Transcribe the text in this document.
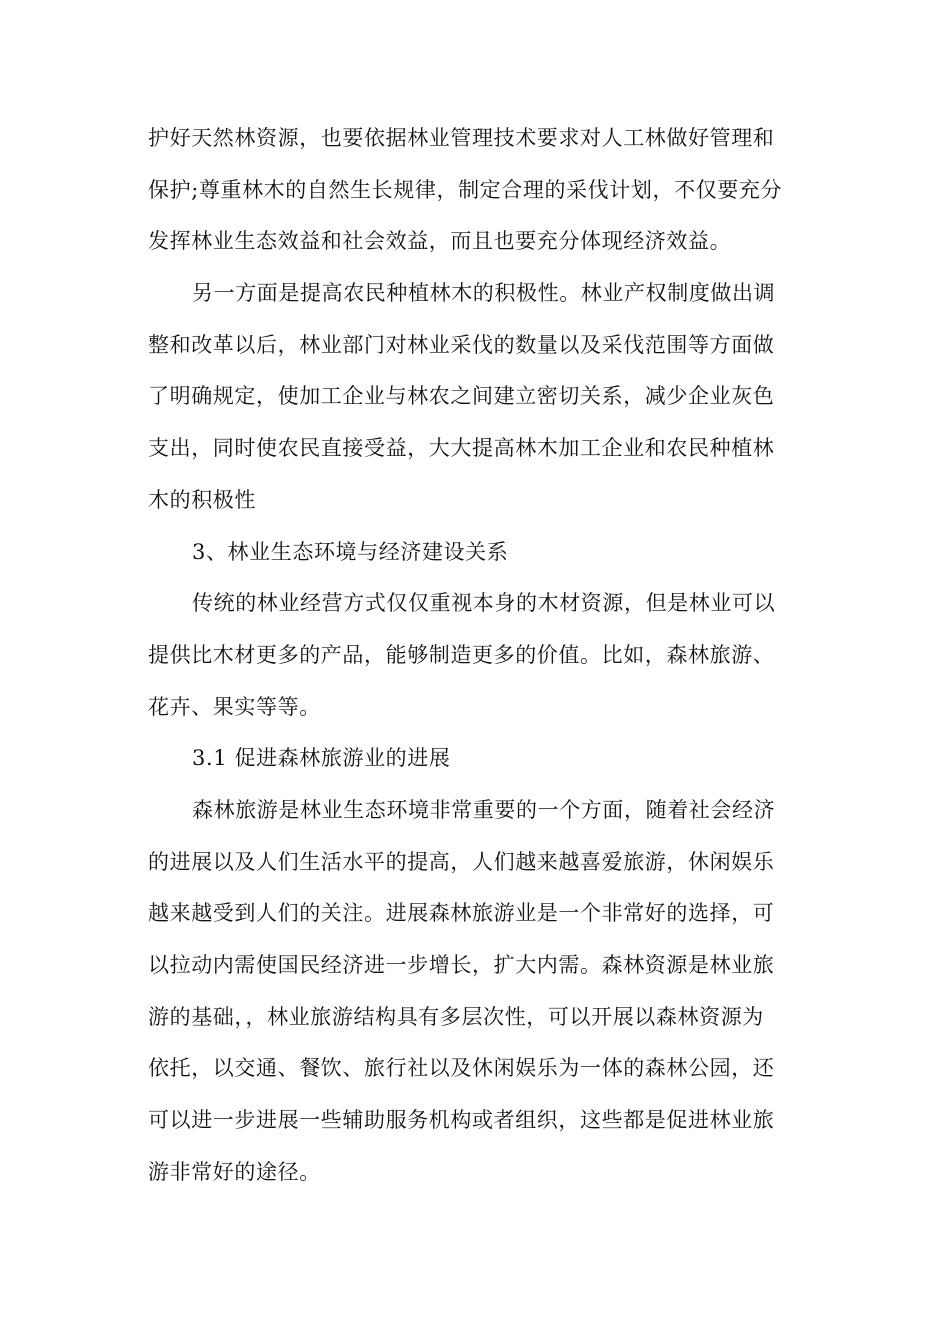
护好天然林资源，也要依据林业管理技术要求对人工林做好管理和
保护;尊重林木的自然生长规律，制定合理的采伐计划，不仅要充分
发挥林业生态效益和社会效益，而且也要充分体现经济效益。
另一方面是提高农民种植林木的积极性。林业产权制度做出调
整和改革以后，林业部门对林业采伐的数量以及采伐范围等方面做
了明确规定，使加工企业与林农之间建立密切关系，减少企业灰色
支出，同时使农民直接受益，大大提高林木加工企业和农民种植林
木的积极性
3、林业生态环境与经济建设关系
传统的林业经营方式仅仅重视本身的木材资源，但是林业可以
提供比木材更多的产品，能够制造更多的价值。比如，森林旅游、
花卉、果实等等。
3.1 促进森林旅游业的进展
森林旅游是林业生态环境非常重要的一个方面，随着社会经济
的进展以及人们生活水平的提高，人们越来越喜爱旅游，休闲娱乐
越来越受到人们的关注。进展森林旅游业是一个非常好的选择，可
以拉动内需使国民经济进一步增长，扩大内需。森林资源是林业旅
游的基础，，林业旅游结构具有多层次性，可以开展以森林资源为
依托，以交通、餐饮、旅行社以及休闲娱乐为一体的森林公园，还
可以进一步进展一些辅助服务机构或者组织，这些都是促进林业旅
游非常好的途径。
